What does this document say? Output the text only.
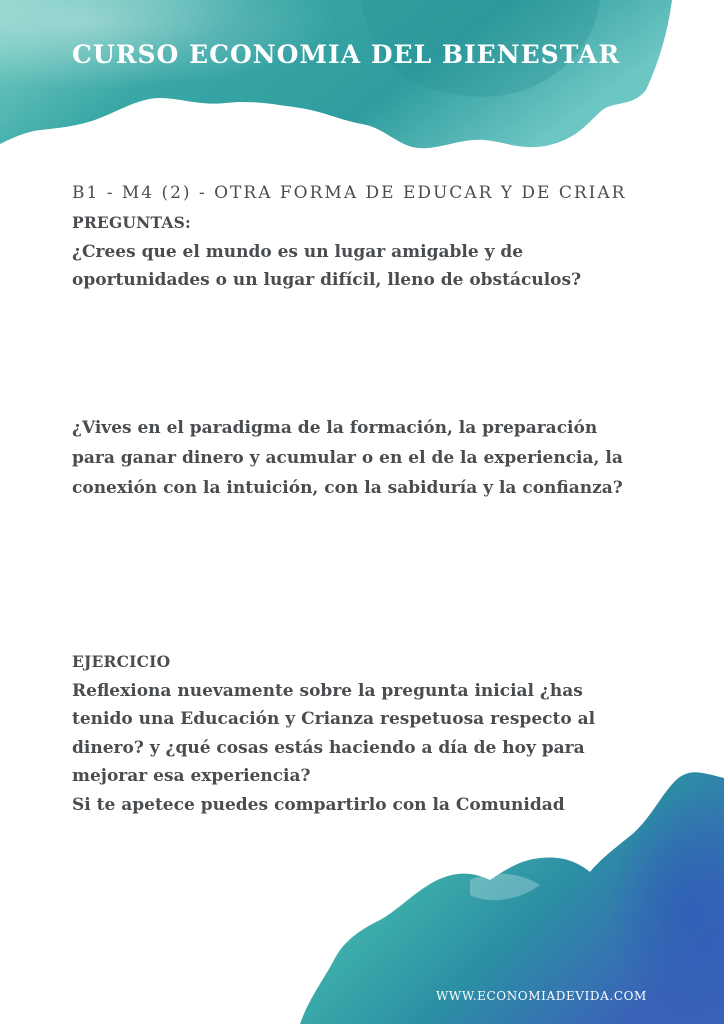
CURSO ECONOMIA DEL BIENESTAR
B1 - M4 (2) - OTRA FORMA DE EDUCAR Y DE CRIAR
PREGUNTAS:
¿Crees que el mundo es un lugar amigable y de
oportunidades o un lugar difícil, lleno de obstáculos?
¿Vives en el paradigma de la formación, la preparación
para ganar dinero y acumular o en el de la experiencia, la
conexión con la intuición, con la sabiduría y la confianza?
EJERCICIO
Reflexiona nuevamente sobre la pregunta inicial ¿has
tenido una Educación y Crianza respetuosa respecto al
dinero? y ¿qué cosas estás haciendo a día de hoy para
mejorar esa experiencia?
Si te apetece puedes compartirlo con la Comunidad
WWW.ECONOMIADEVIDA.COM
